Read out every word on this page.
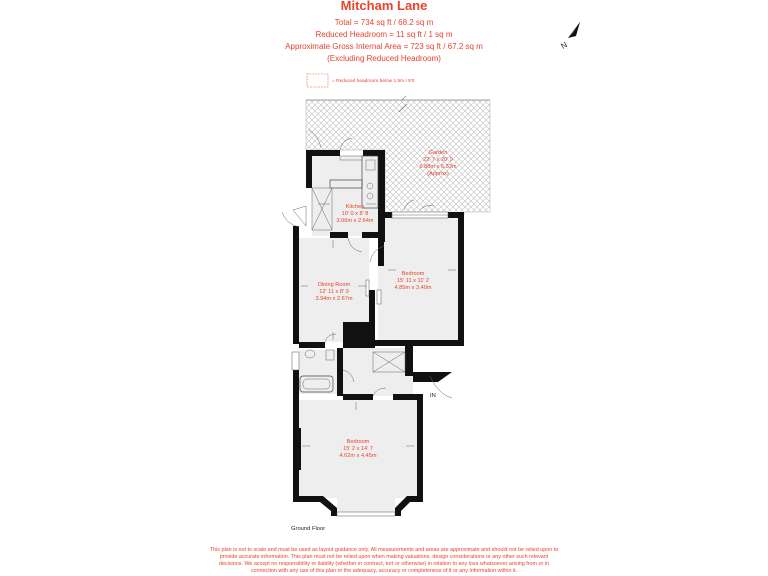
Mitcham Lane
Total = 734 sq ft / 68.2 sq m
Reduced Headroom = 11 sq ft / 1 sq m
Approximate Gross Internal Area = 723 sq ft / 67.2 sq m
(Excluding Reduced Headroom)
N
= Reduced headroom below 1.5m / 5'0
Garden
22' 7 x 20' 9
6.88m x 6.33m
(Approx)
Kitchen
10' 0 x 8' 8
3.06m x 2.64m
Bedroom
15' 11 x 11' 2
4.85m x 3.40m
Dining Room
12' 11 x 8' 9
3.94m x 2.67m
Bedroom
15' 2 x 14' 7
4.62m x 4.45m
IN
Ground Floor
This plan is not to scale and must be used as layout guidance only. All measurements and areas are approximate and should not be relied upon to
provide accurate information. This plan must not be relied upon when making valuations, design considerations or any other such relevant
decisions. We accept no responsibility or liability (whether in contract, tort or otherwise) in relation to any loss whatsoever arising from or in
connection with any use of this plan or the adequacy, accuracy or completeness of it or any information within it.
